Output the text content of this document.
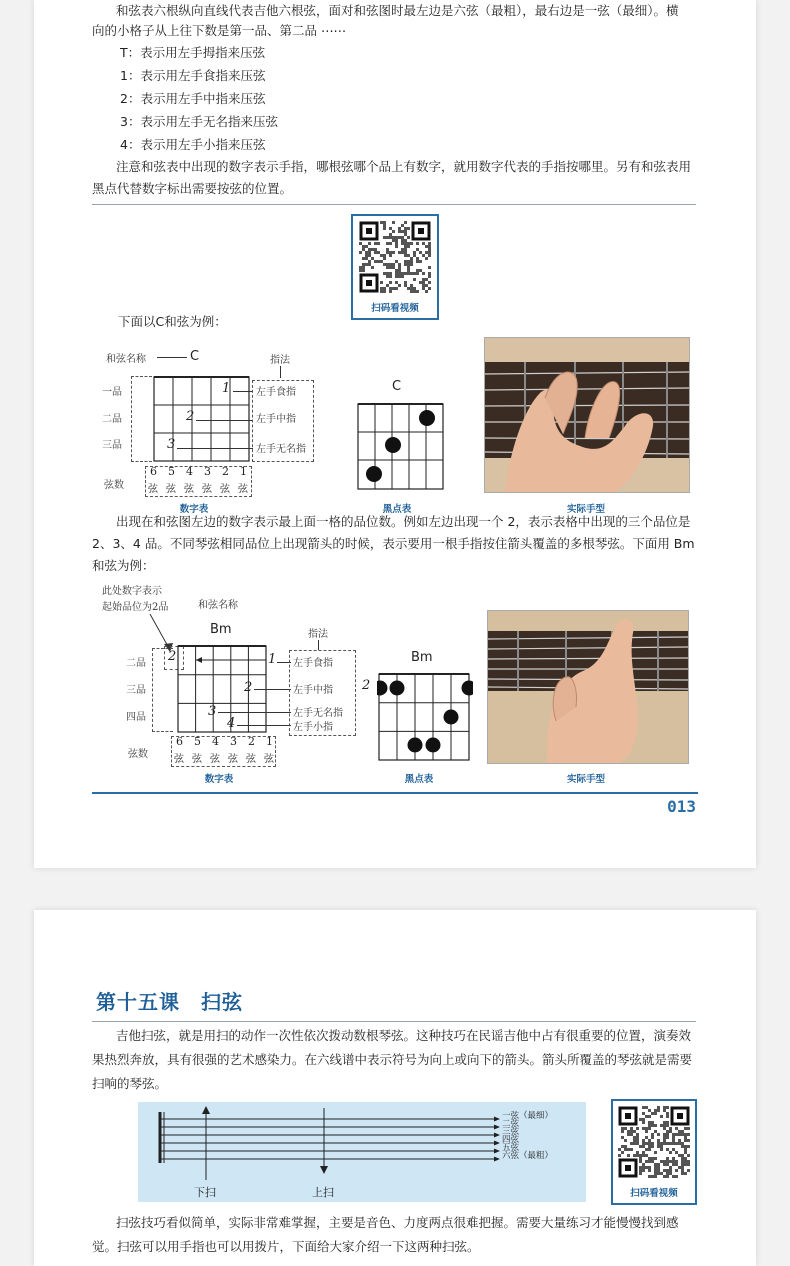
和弦表六根纵向直线代表吉他六根弦，面对和弦图时最左边是六弦（最粗），最右边是一弦（最细）。横
向的小格子从上往下数是第一品、第二品 ⋯⋯
T：表示用左手拇指来压弦
1：表示用左手食指来压弦
2：表示用左手中指来压弦
3：表示用左手无名指来压弦
4：表示用左手小指来压弦
注意和弦表中出现的数字表示手指，哪根弦哪个品上有数字，就用数字代表的手指按哪里。另有和弦表用
黑点代替数字标出需要按弦的位置。
扫码看视频
下面以C和弦为例：
和弦名称	C	指法
一品
二品
三品
1
2
3
左手食指
左手中指
左手无名指
弦数
6 5 4 3 2 1
弦 弦 弦 弦 弦 弦
数字表
C
黑点表	实际手型
出现在和弦图左边的数字表示最上面一格的品位数。例如左边出现一个 2，表示表格中出现的三个品位是
2、3、4 品。不同琴弦相同品位上出现箭头的时候，表示要用一根手指按住箭头覆盖的多根琴弦。下面用 Bm
和弦为例：
此处数字表示
起始品位为2品	和弦名称
Bm	指法
二品
三品
四品
2	1
2
3
4
左手食指
左手中指
左手无名指
左手小指
弦数
6 5 4 3 2 1
弦 弦 弦 弦 弦 弦
数字表
Bm
2
黑点表	实际手型
013
第十五课　扫弦
吉他扫弦，就是用扫的动作一次性依次拨动数根琴弦。这种技巧在民谣吉他中占有很重要的位置，演奏效
果热烈奔放，具有很强的艺术感染力。在六线谱中表示符号为向上或向下的箭头。箭头所覆盖的琴弦就是需要
扫响的琴弦。
一弦（最细）
二弦
三弦
四弦
五弦
六弦（最粗）
下扫	上扫	扫码看视频
扫弦技巧看似简单，实际非常难掌握，主要是音色、力度两点很难把握。需要大量练习才能慢慢找到感
觉。扫弦可以用手指也可以用拨片，下面给大家介绍一下这两种扫弦。
